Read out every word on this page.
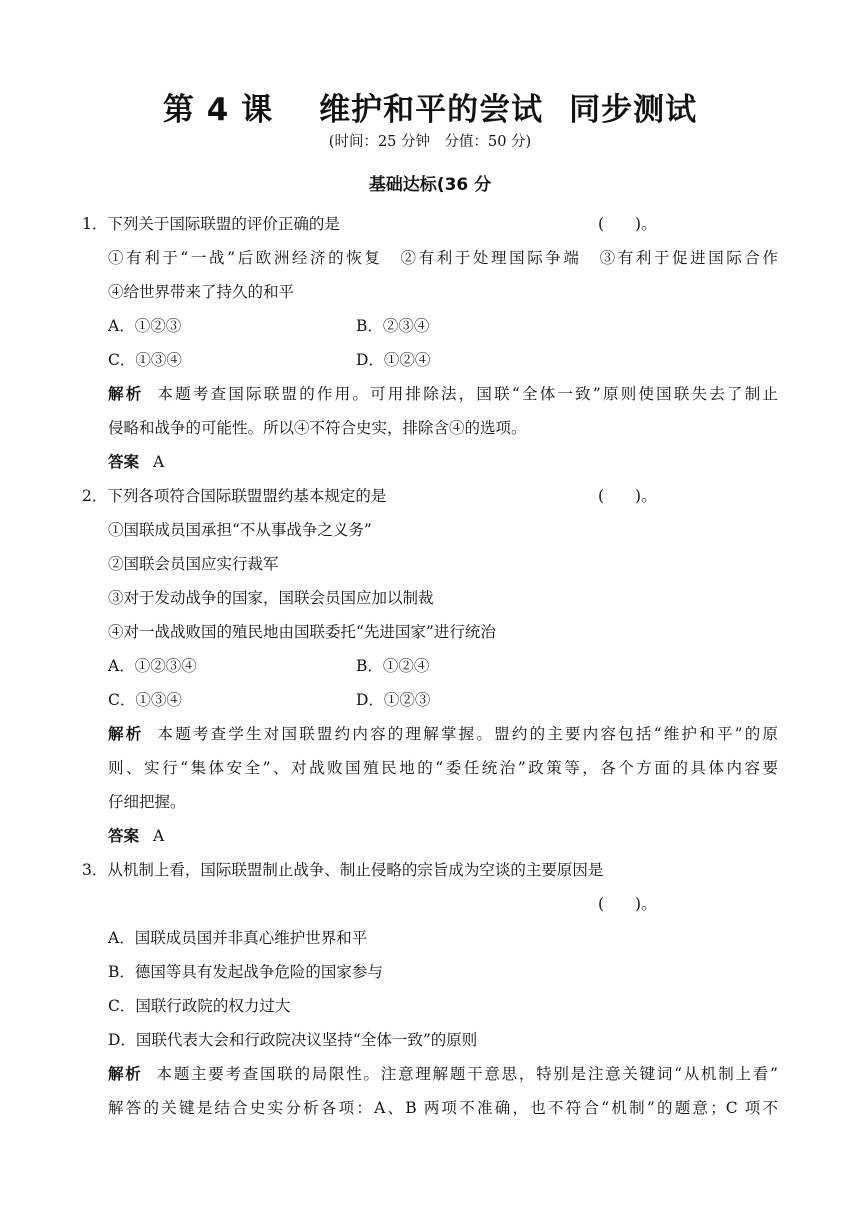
第 4 课 维护和平的尝试 同步测试
(时间：25 分钟　分值：50 分)
基础达标(36 分
1．下列关于国际联盟的评价正确的是	(　　)。
①有利于“一战”后欧洲经济的恢复　②有利于处理国际争端　③有利于促进国际合作
④给世界带来了持久的和平
A．①②③	B．②③④
C．①③④	D．①②④
解析 本题考查国际联盟的作用。可用排除法，国联“全体一致”原则使国联失去了制止
侵略和战争的可能性。所以④不符合史实，排除含④的选项。
答案 A
2．下列各项符合国际联盟盟约基本规定的是	(　　)。
①国联成员国承担“不从事战争之义务”
②国联会员国应实行裁军
③对于发动战争的国家，国联会员国应加以制裁
④对一战战败国的殖民地由国联委托“先进国家”进行统治
A．①②③④	B．①②④
C．①③④	D．①②③
解析 本题考查学生对国联盟约内容的理解掌握。盟约的主要内容包括“维护和平”的原
则、实行“集体安全”、对战败国殖民地的“委任统治”政策等，各个方面的具体内容要
仔细把握。
答案 A
3．从机制上看，国际联盟制止战争、制止侵略的宗旨成为空谈的主要原因是
(　　)。
A．国联成员国并非真心维护世界和平
B．德国等具有发起战争危险的国家参与
C．国联行政院的权力过大
D．国联代表大会和行政院决议坚持“全体一致”的原则
解析 本题主要考查国联的局限性。注意理解题干意思，特别是注意关键词“从机制上看”
解答的关键是结合史实分析各项：A、B 两项不准确，也不符合“机制”的题意；C 项不
